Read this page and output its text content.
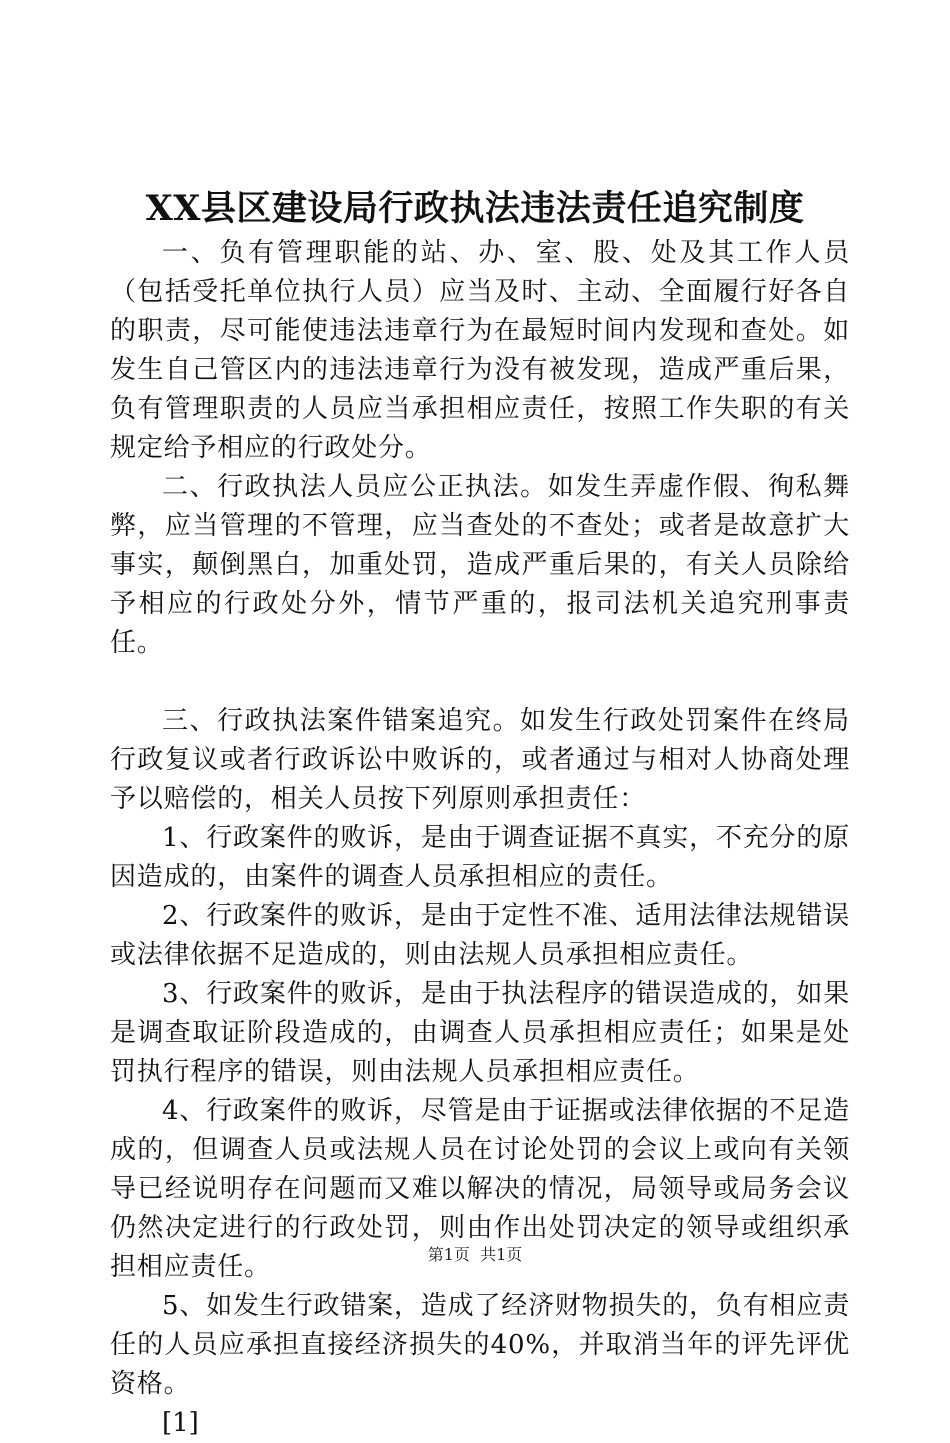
XX县区建设局行政执法违法责任追究制度

一、负有管理职能的站、办、室、股、处及其工作人员（包括受托单位执行人员）应当及时、主动、全面履行好各自的职责，尽可能使违法违章行为在最短时间内发现和查处。如发生自己管区内的违法违章行为没有被发现，造成严重后果，负有管理职责的人员应当承担相应责任，按照工作失职的有关规定给予相应的行政处分。

二、行政执法人员应公正执法。如发生弄虚作假、徇私舞弊，应当管理的不管理，应当查处的不查处；或者是故意扩大事实，颠倒黑白，加重处罚，造成严重后果的，有关人员除给予相应的行政处分外，情节严重的，报司法机关追究刑事责任。

三、行政执法案件错案追究。如发生行政处罚案件在终局行政复议或者行政诉讼中败诉的，或者通过与相对人协商处理予以赔偿的，相关人员按下列原则承担责任：

1、行政案件的败诉，是由于调查证据不真实，不充分的原因造成的，由案件的调查人员承担相应的责任。

2、行政案件的败诉，是由于定性不准、适用法律法规错误或法律依据不足造成的，则由法规人员承担相应责任。

3、行政案件的败诉，是由于执法程序的错误造成的，如果是调查取证阶段造成的，由调查人员承担相应责任；如果是处罚执行程序的错误，则由法规人员承担相应责任。

4、行政案件的败诉，尽管是由于证据或法律依据的不足造成的，但调查人员或法规人员在讨论处罚的会议上或向有关领导已经说明存在问题而又难以解决的情况，局领导或局务会议仍然决定进行的行政处罚，则由作出处罚决定的领导或组织承担相应责任。

5、如发生行政错案，造成了经济财物损失的，负有相应责任的人员应承担直接经济损失的40%，并取消当年的评先评优资格。

[1]

第1页  共1页
